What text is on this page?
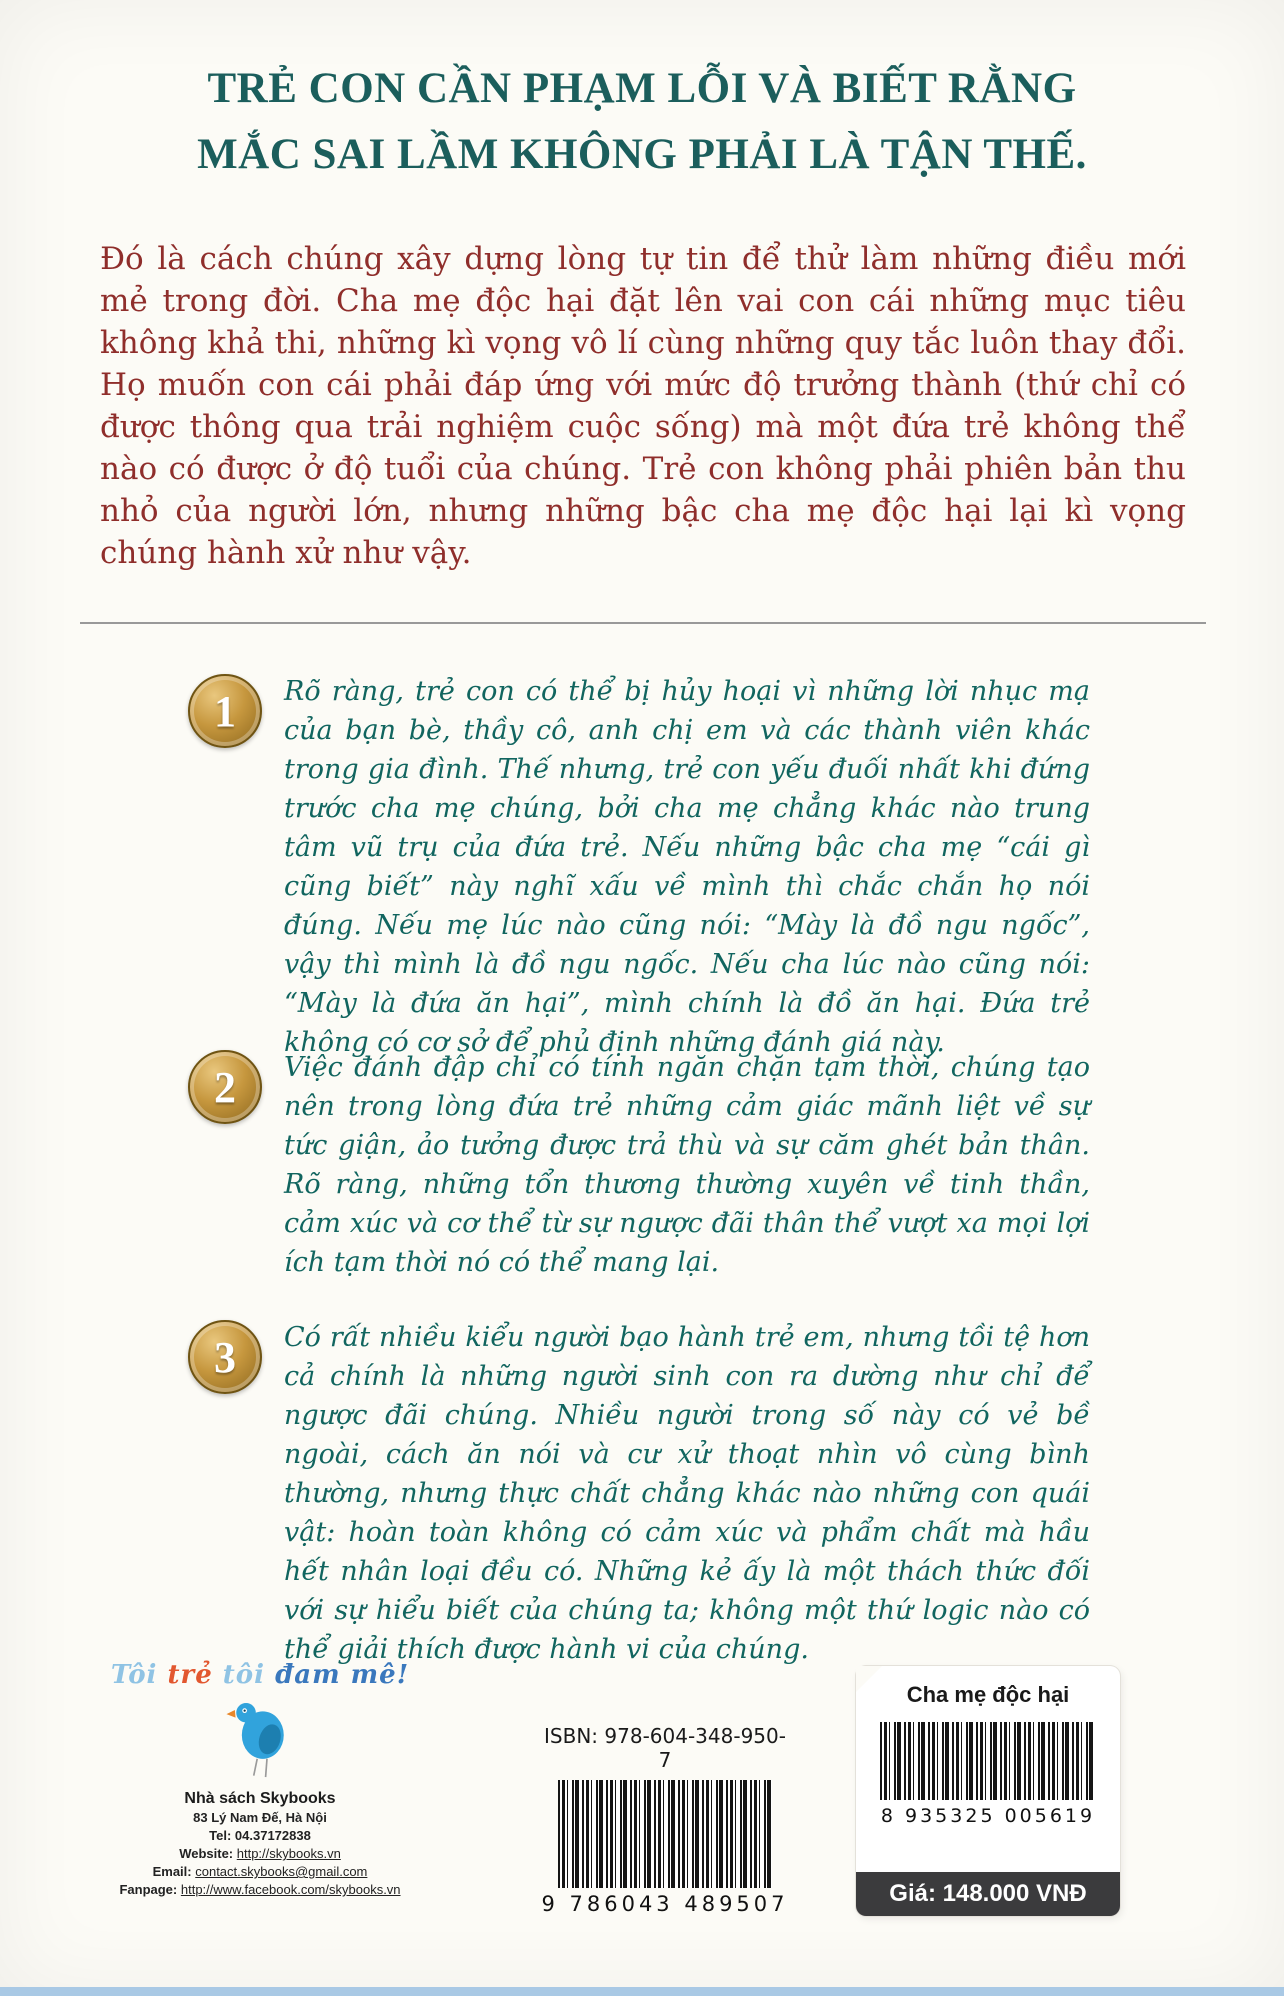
TRẺ CON CẦN PHẠM LỖI VÀ BIẾT RẰNG
MẮC SAI LẦM KHÔNG PHẢI LÀ TẬN THẾ.

Đó là cách chúng xây dựng lòng tự tin để thử làm những điều mới mẻ trong đời. Cha mẹ độc hại đặt lên vai con cái những mục tiêu không khả thi, những kì vọng vô lí cùng những quy tắc luôn thay đổi. Họ muốn con cái phải đáp ứng với mức độ trưởng thành (thứ chỉ có được thông qua trải nghiệm cuộc sống) mà một đứa trẻ không thể nào có được ở độ tuổi của chúng. Trẻ con không phải phiên bản thu nhỏ của người lớn, nhưng những bậc cha mẹ độc hại lại kì vọng chúng hành xử như vậy.

1 Rõ ràng, trẻ con có thể bị hủy hoại vì những lời nhục mạ của bạn bè, thầy cô, anh chị em và các thành viên khác trong gia đình. Thế nhưng, trẻ con yếu đuối nhất khi đứng trước cha mẹ chúng, bởi cha mẹ chẳng khác nào trung tâm vũ trụ của đứa trẻ. Nếu những bậc cha mẹ “cái gì cũng biết” này nghĩ xấu về mình thì chắc chắn họ nói đúng. Nếu mẹ lúc nào cũng nói: “Mày là đồ ngu ngốc”, vậy thì mình là đồ ngu ngốc. Nếu cha lúc nào cũng nói: “Mày là đứa ăn hại”, mình chính là đồ ăn hại. Đứa trẻ không có cơ sở để phủ định những đánh giá này.

2 Việc đánh đập chỉ có tính ngăn chặn tạm thời, chúng tạo nên trong lòng đứa trẻ những cảm giác mãnh liệt về sự tức giận, ảo tưởng được trả thù và sự căm ghét bản thân. Rõ ràng, những tổn thương thường xuyên về tinh thần, cảm xúc và cơ thể từ sự ngược đãi thân thể vượt xa mọi lợi ích tạm thời nó có thể mang lại.

3 Có rất nhiều kiểu người bạo hành trẻ em, nhưng tồi tệ hơn cả chính là những người sinh con ra dường như chỉ để ngược đãi chúng. Nhiều người trong số này có vẻ bề ngoài, cách ăn nói và cư xử thoạt nhìn vô cùng bình thường, nhưng thực chất chẳng khác nào những con quái vật: hoàn toàn không có cảm xúc và phẩm chất mà hầu hết nhân loại đều có. Những kẻ ấy là một thách thức đối với sự hiểu biết của chúng ta; không một thứ logic nào có thể giải thích được hành vi của chúng.

Tôi trẻ tôi đam mê!
Nhà sách Skybooks
83 Lý Nam Đế, Hà Nội
Tel: 04.37172838
Website: http://skybooks.vn
Email: contact.skybooks@gmail.com
Fanpage: http://www.facebook.com/skybooks.vn
ISBN: 978-604-348-950-7
9 786043 489507
Cha mẹ độc hại
8 935325 005619
Giá: 148.000 VNĐ
